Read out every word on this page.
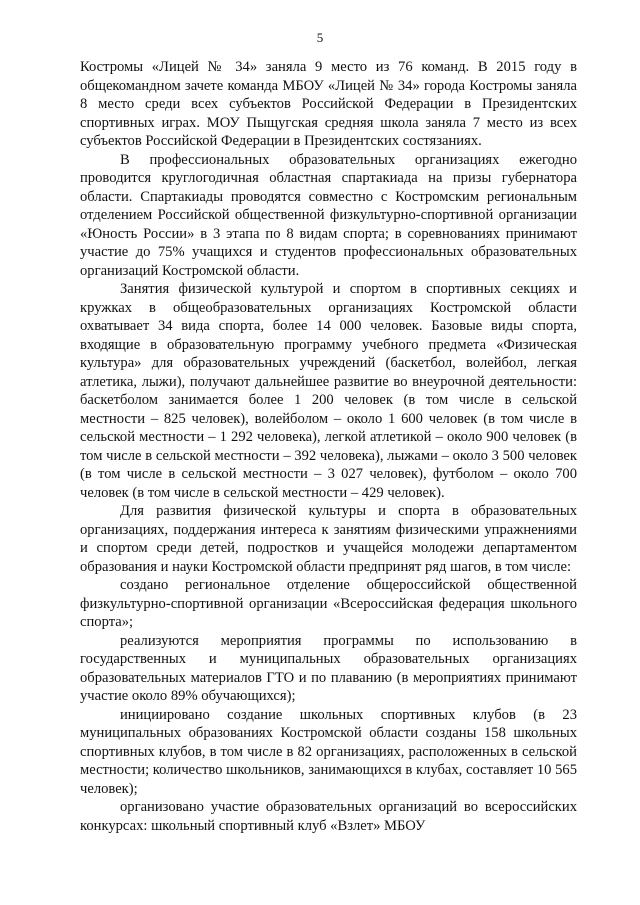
5

Костромы «Лицей № 34» заняла 9 место из 76 команд. В 2015 году в общекомандном зачете команда МБОУ «Лицей № 34» города Костромы заняла 8 место среди всех субъектов Российской Федерации в Президентских спортивных играх. МОУ Пыщугская средняя школа заняла 7 место из всех субъектов Российской Федерации в Президентских состязаниях.

В профессиональных образовательных организациях ежегодно проводится круглогодичная областная спартакиада на призы губернатора области. Спартакиады проводятся совместно с Костромским региональным отделением Российской общественной физкультурно-спортивной организации «Юность России» в 3 этапа по 8 видам спорта; в соревнованиях принимают участие до 75% учащихся и студентов профессиональных образовательных организаций Костромской области.

Занятия физической культурой и спортом в спортивных секциях и кружках в общеобразовательных организациях Костромской области охватывает 34 вида спорта, более 14 000 человек. Базовые виды спорта, входящие в образовательную программу учебного предмета «Физическая культура» для образовательных учреждений (баскетбол, волейбол, легкая атлетика, лыжи), получают дальнейшее развитие во внеурочной деятельности: баскетболом занимается более 1 200 человек (в том числе в сельской местности – 825 человек), волейболом – около 1 600 человек (в том числе в сельской местности – 1 292 человека), легкой атлетикой – около 900 человек (в том числе в сельской местности – 392 человека), лыжами – около 3 500 человек (в том числе в сельской местности – 3 027 человек), футболом – около 700 человек (в том числе в сельской местности – 429 человек).

Для развития физической культуры и спорта в образовательных организациях, поддержания интереса к занятиям физическими упражнениями и спортом среди детей, подростков и учащейся молодежи департаментом образования и науки Костромской области предпринят ряд шагов, в том числе:

создано региональное отделение общероссийской общественной физкультурно-спортивной организации «Всероссийская федерация школьного спорта»;

реализуются мероприятия программы по использованию в государственных и муниципальных образовательных организациях образовательных материалов ГТО и по плаванию (в мероприятиях принимают участие около 89% обучающихся);

инициировано создание школьных спортивных клубов (в 23 муниципальных образованиях Костромской области созданы 158 школьных спортивных клубов, в том числе в 82 организациях, расположенных в сельской местности; количество школьников, занимающихся в клубах, составляет 10 565 человек);

организовано участие образовательных организаций во всероссийских конкурсах: школьный спортивный клуб «Взлет» МБОУ
